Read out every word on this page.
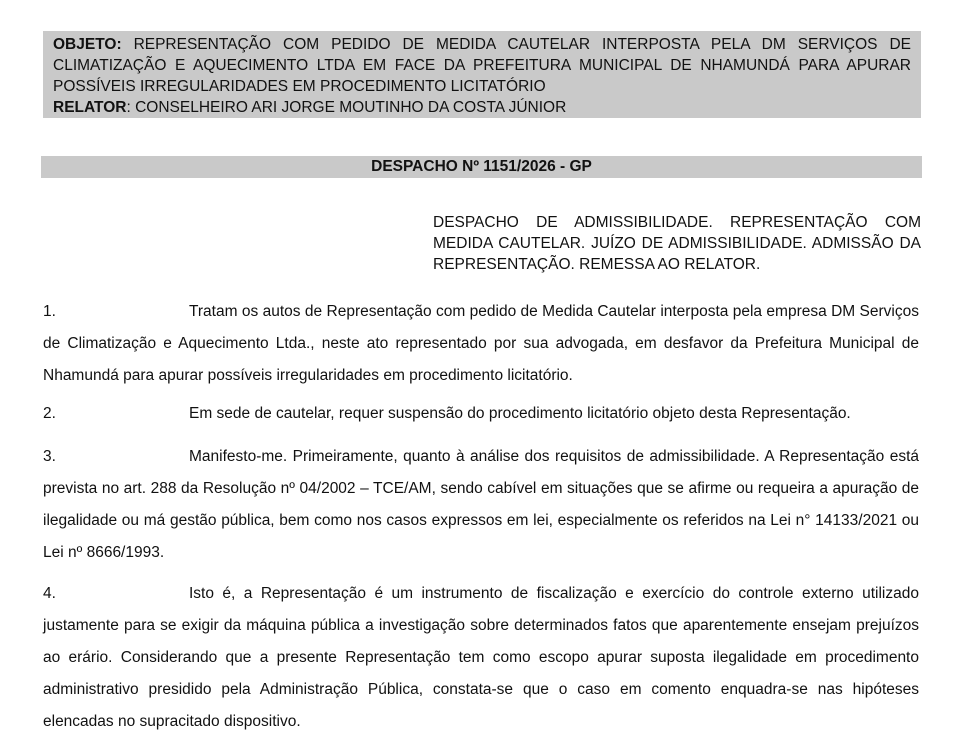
OBJETO: REPRESENTAÇÃO COM PEDIDO DE MEDIDA CAUTELAR INTERPOSTA PELA DM SERVIÇOS DE CLIMATIZAÇÃO E AQUECIMENTO LTDA EM FACE DA PREFEITURA MUNICIPAL DE NHAMUNDÁ PARA APURAR POSSÍVEIS IRREGULARIDADES EM PROCEDIMENTO LICITATÓRIO
RELATOR: CONSELHEIRO ARI JORGE MOUTINHO DA COSTA JÚNIOR
DESPACHO Nº 1151/2026 - GP
DESPACHO DE ADMISSIBILIDADE. REPRESENTAÇÃO COM MEDIDA CAUTELAR. JUÍZO DE ADMISSIBILIDADE. ADMISSÃO DA REPRESENTAÇÃO. REMESSA AO RELATOR.
1.	Tratam os autos de Representação com pedido de Medida Cautelar interposta pela empresa DM Serviços de Climatização e Aquecimento Ltda., neste ato representado por sua advogada, em desfavor da Prefeitura Municipal de Nhamundá para apurar possíveis irregularidades em procedimento licitatório.
2.	Em sede de cautelar, requer suspensão do procedimento licitatório objeto desta Representação.
3.	Manifesto-me. Primeiramente, quanto à análise dos requisitos de admissibilidade. A Representação está prevista no art. 288 da Resolução nº 04/2002 – TCE/AM, sendo cabível em situações que se afirme ou requeira a apuração de ilegalidade ou má gestão pública, bem como nos casos expressos em lei, especialmente os referidos na Lei n° 14133/2021 ou Lei nº 8666/1993.
4.	Isto é, a Representação é um instrumento de fiscalização e exercício do controle externo utilizado justamente para se exigir da máquina pública a investigação sobre determinados fatos que aparentemente ensejam prejuízos ao erário. Considerando que a presente Representação tem como escopo apurar suposta ilegalidade em procedimento administrativo presidido pela Administração Pública, constata-se que o caso em comento enquadra-se nas hipóteses elencadas no supracitado dispositivo.
